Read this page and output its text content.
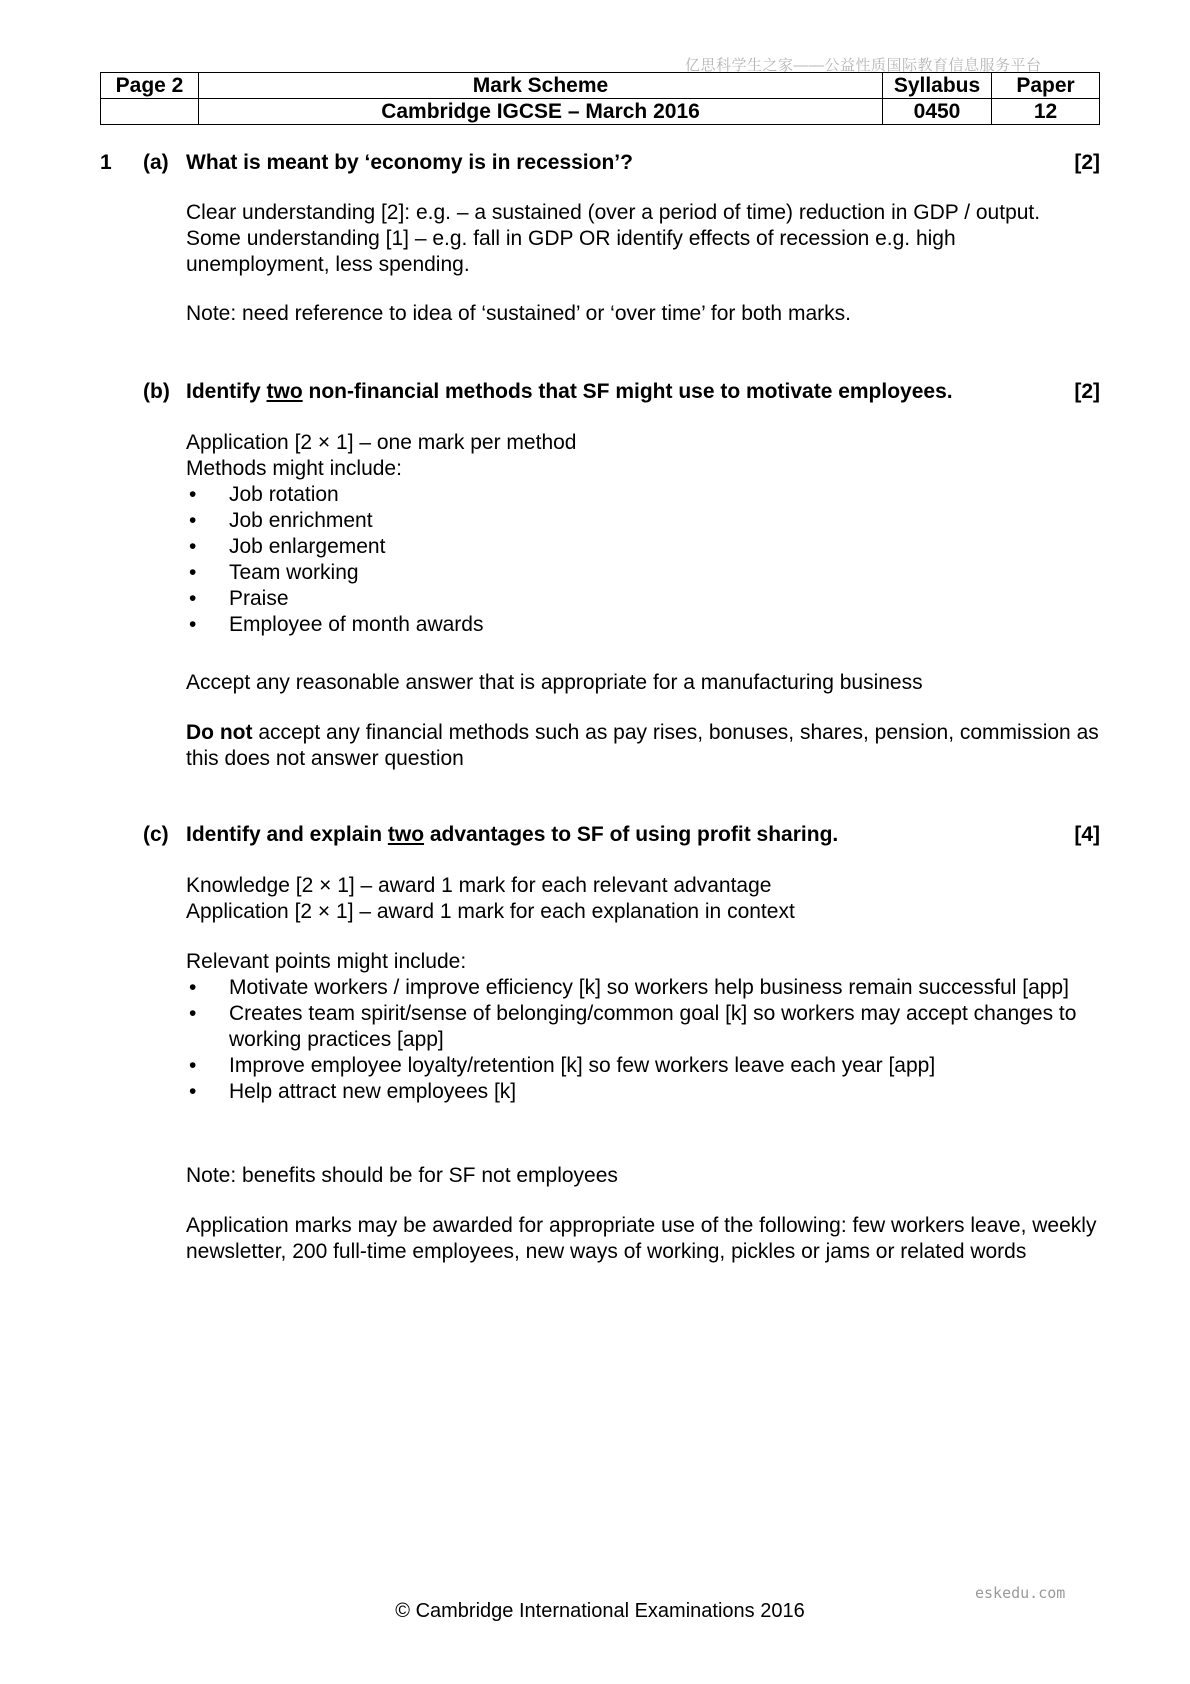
亿思科学生之家——公益性质国际教育信息服务平台
Page 2	Mark Scheme	Syllabus	Paper
	Cambridge IGCSE – March 2016	0450	12
1 (a) What is meant by ‘economy is in recession’?	[2]

Clear understanding [2]: e.g. – a sustained (over a period of time) reduction in GDP / output.

Some understanding [1] – e.g. fall in GDP OR identify effects of recession e.g. high unemployment, less spending.

Note: need reference to idea of ‘sustained’ or ‘over time’ for both marks.
(b) Identify two non-financial methods that SF might use to motivate employees.	[2]

Application [2 × 1] – one mark per method

Methods might include:

• Job rotation
• Job enrichment
• Job enlargement
• Team working
• Praise
• Employee of month awards
Accept any reasonable answer that is appropriate for a manufacturing business
Do not accept any financial methods such as pay rises, bonuses, shares, pension, commission as this does not answer question
(c) Identify and explain two advantages to SF of using profit sharing.	[4]

Knowledge [2 × 1] – award 1 mark for each relevant advantage

Application [2 × 1] – award 1 mark for each explanation in context

Relevant points might include:

• Motivate workers / improve efficiency [k] so workers help business remain successful [app]
• Creates team spirit/sense of belonging/common goal [k] so workers may accept changes to working practices [app]
• Improve employee loyalty/retention [k] so few workers leave each year [app]
• Help attract new employees [k]
Note: benefits should be for SF not employees
Application marks may be awarded for appropriate use of the following: few workers leave, weekly newsletter, 200 full-time employees, new ways of working, pickles or jams or related words
eskedu.com
© Cambridge International Examinations 2016
